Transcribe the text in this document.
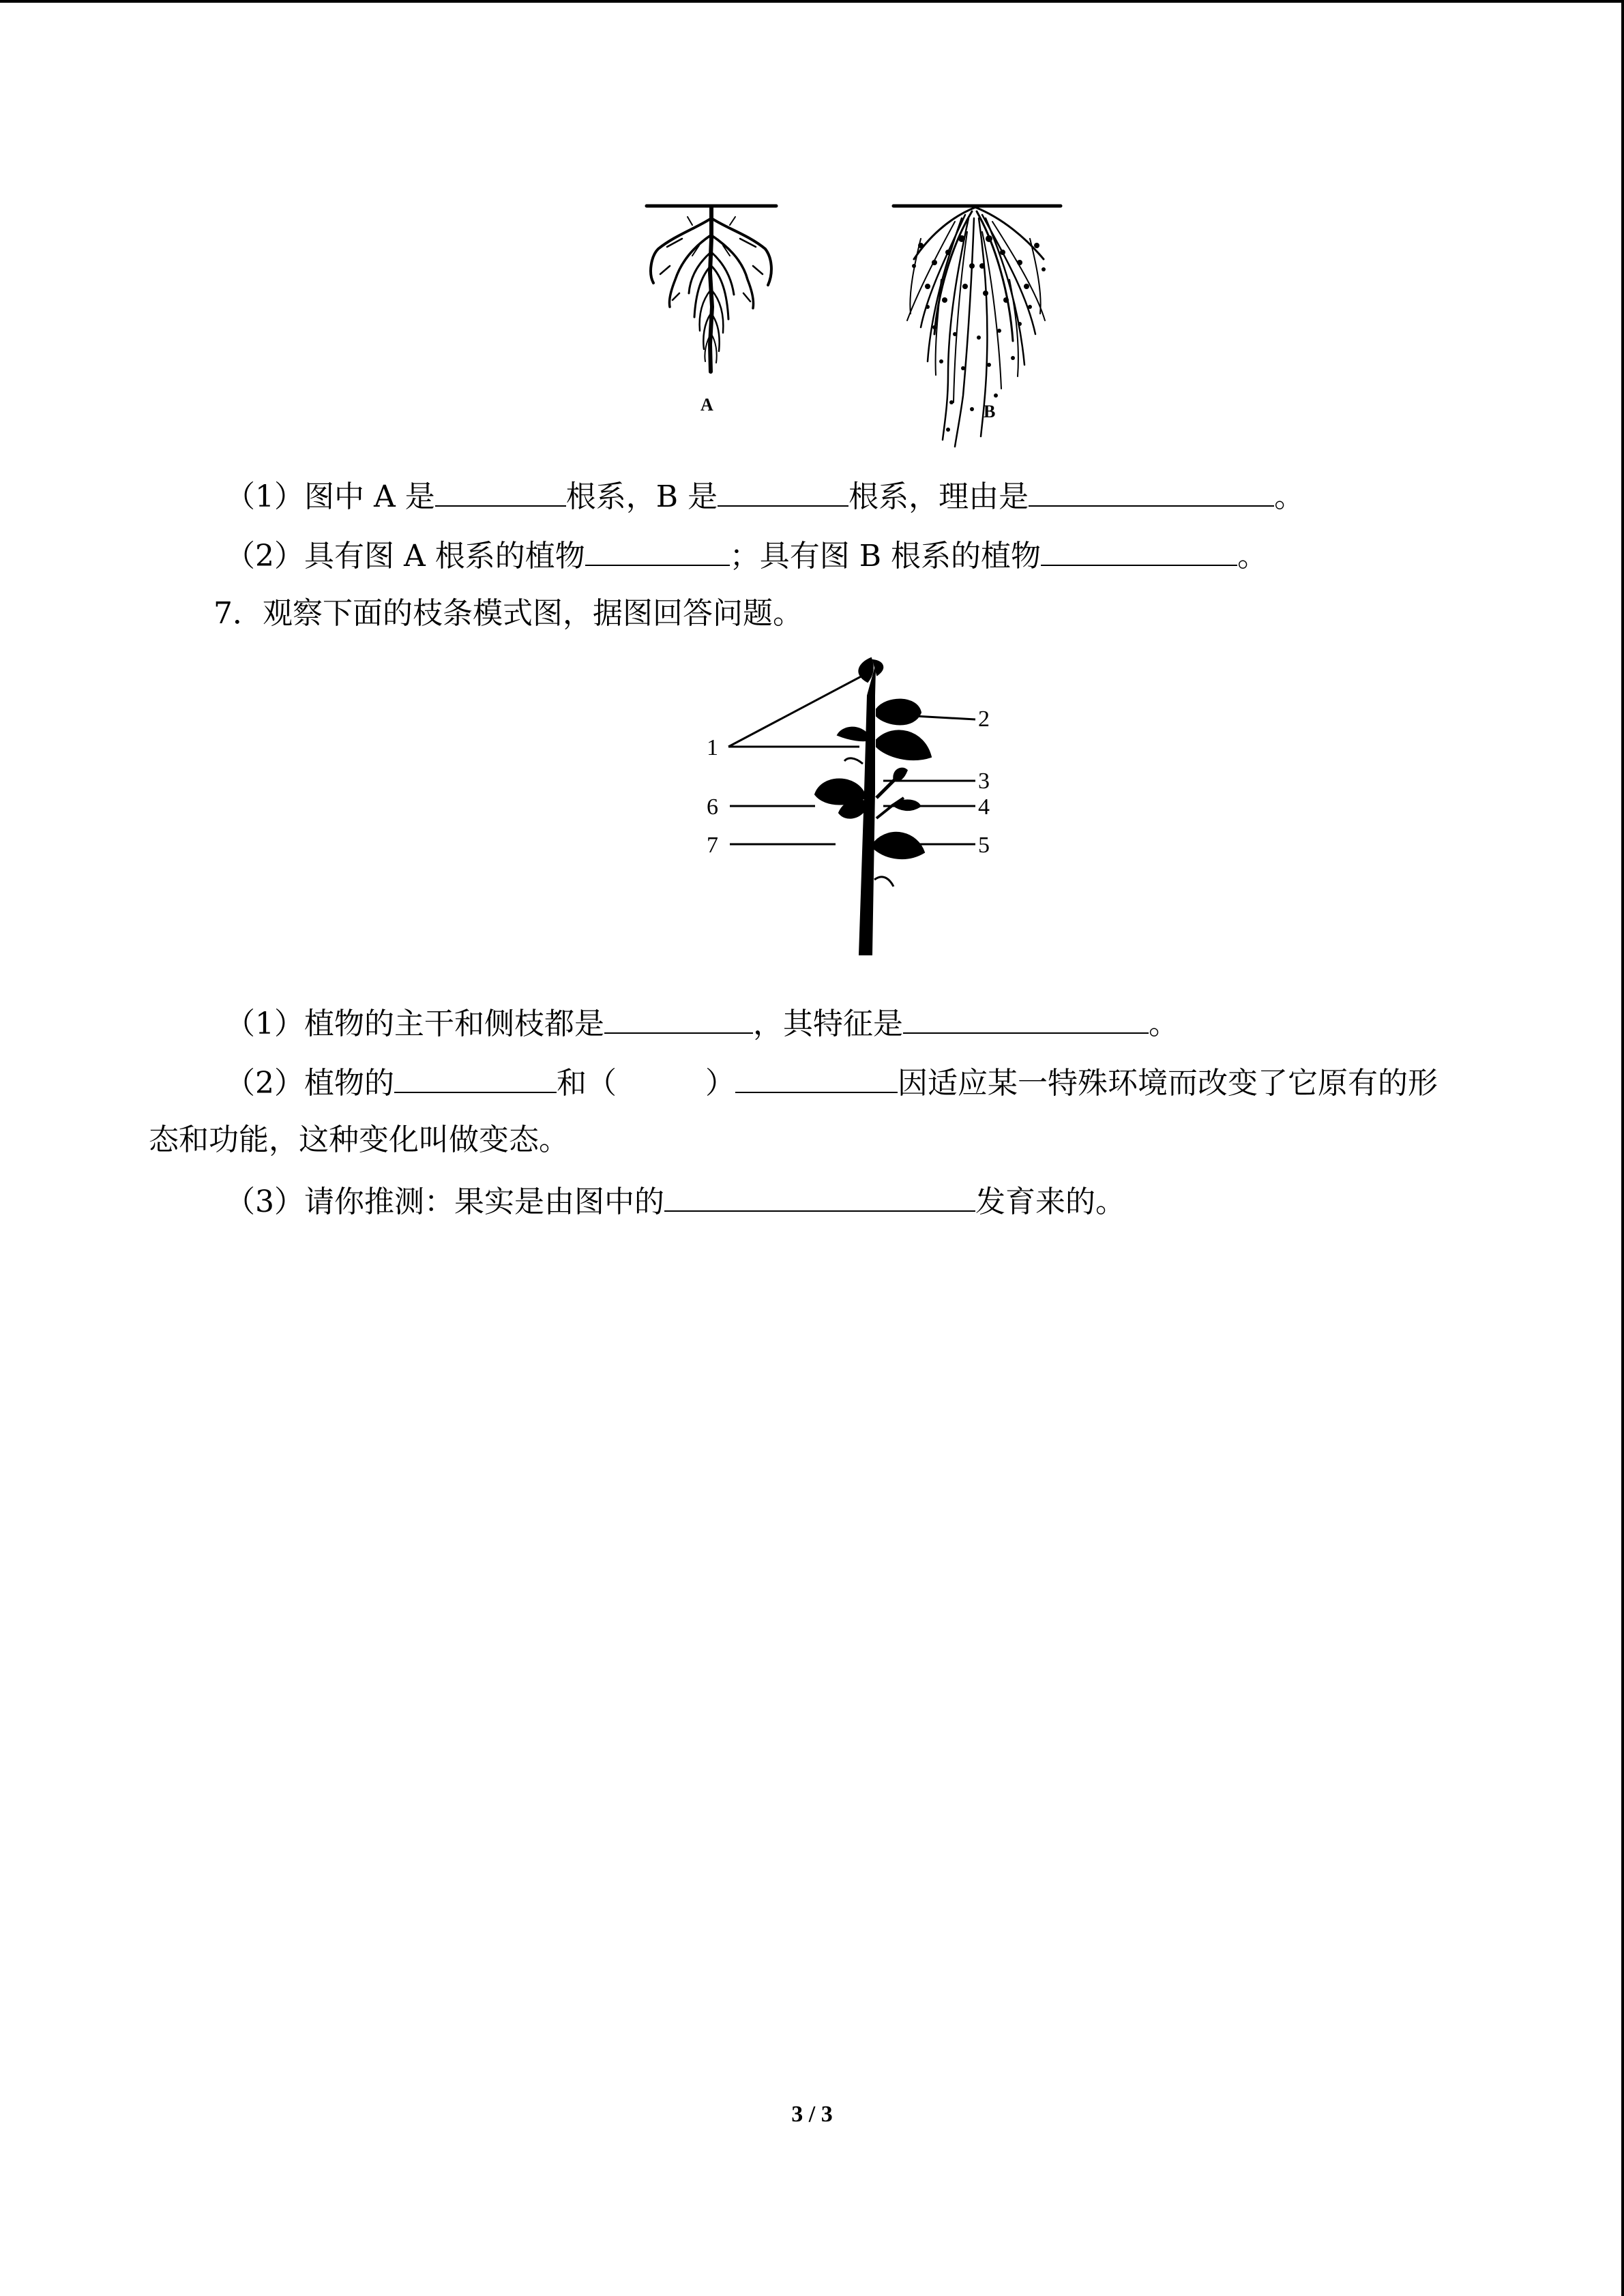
A	B
（1）图中 A 是	根系，B 是	根系，理由是	。
（2）具有图 A 根系的植物	；具有图 B 根系的植物	。
7．观察下面的枝条模式图，据图回答问题。
1
2
3
4
5
6
7
（1）植物的主干和侧枝都是	，其特征是	。
（2）植物的	和（	）	因适应某一特殊环境而改变了它原有的形
态和功能，这种变化叫做变态。
（3）请你推测：果实是由图中的	发育来的。
3 / 3
